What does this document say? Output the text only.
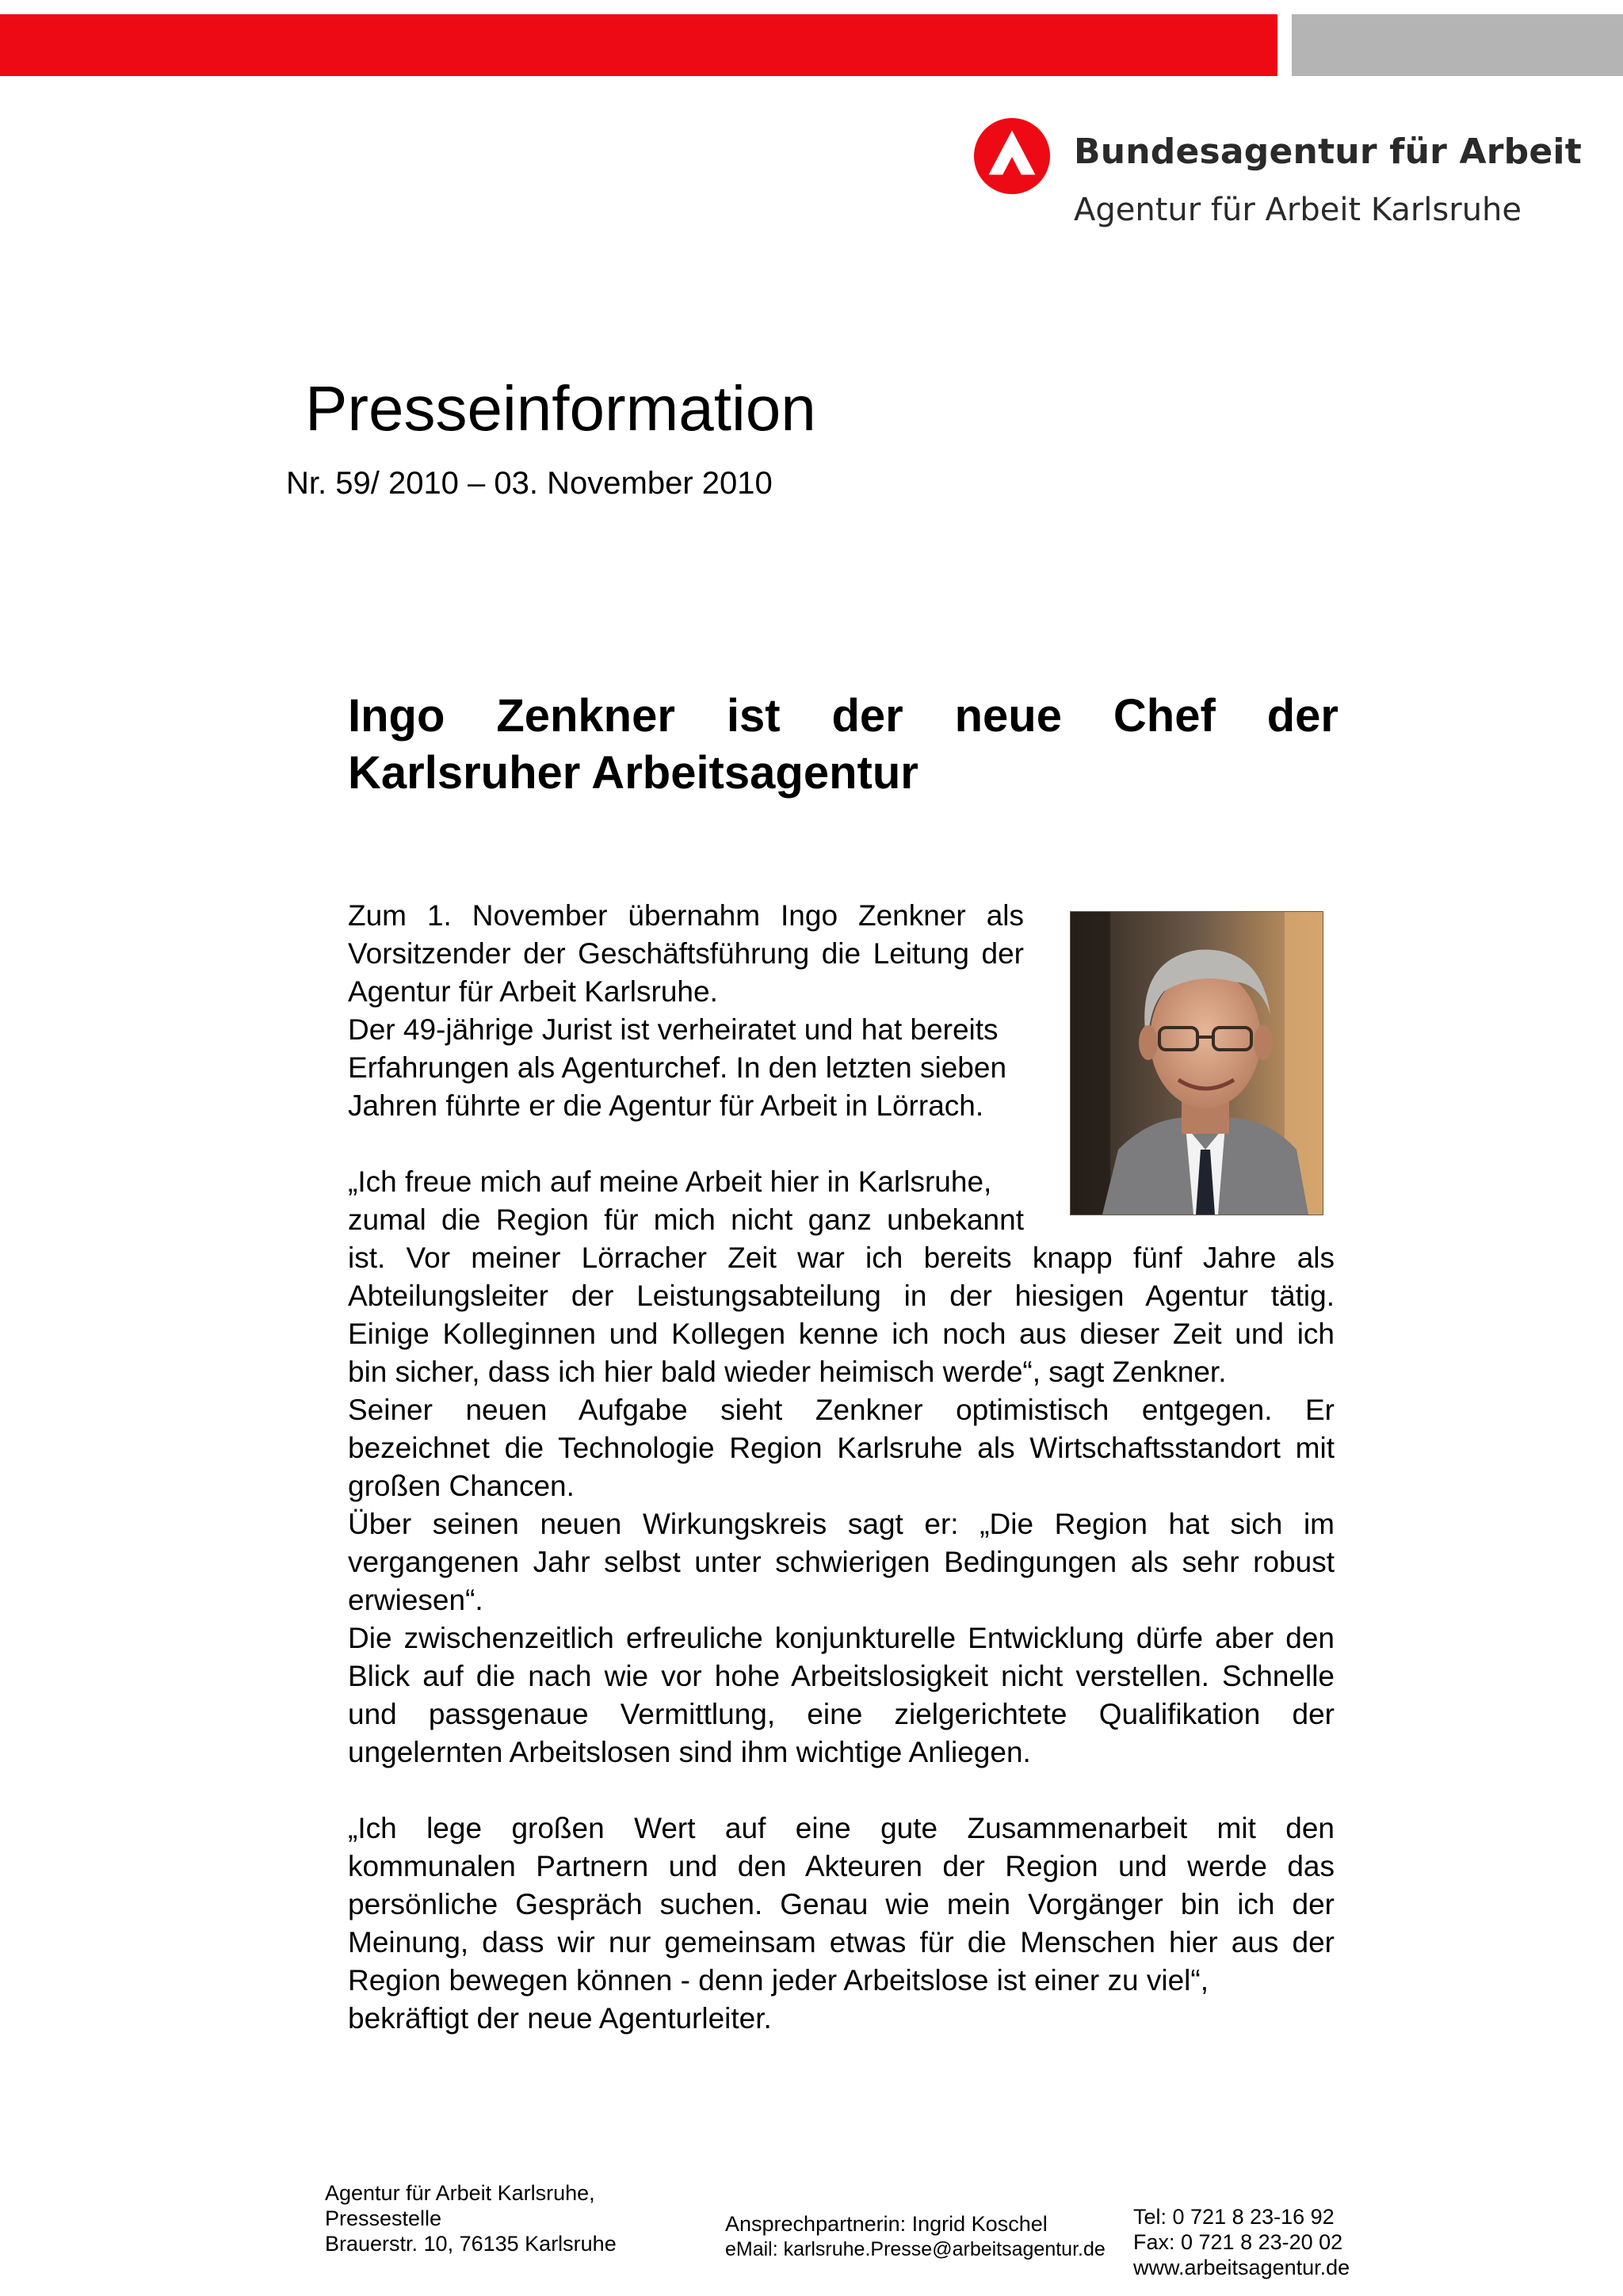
Bundesagentur für Arbeit
Agentur für Arbeit Karlsruhe
Presseinformation
Nr. 59/ 2010 – 03. November 2010
Ingo Zenkner ist der neue Chef der
Karlsruher Arbeitsagentur
Zum 1. November übernahm Ingo Zenkner als
Vorsitzender der Geschäftsführung die Leitung der
Agentur für Arbeit Karlsruhe.
Der 49-jährige Jurist ist verheiratet und hat bereits
Erfahrungen als Agenturchef. In den letzten sieben
Jahren führte er die Agentur für Arbeit in Lörrach.
„Ich freue mich auf meine Arbeit hier in Karlsruhe,
zumal die Region für mich nicht ganz unbekannt
ist. Vor meiner Lörracher Zeit war ich bereits knapp fünf Jahre als
Abteilungsleiter der Leistungsabteilung in der hiesigen Agentur tätig.
Einige Kolleginnen und Kollegen kenne ich noch aus dieser Zeit und ich
bin sicher, dass ich hier bald wieder heimisch werde“, sagt Zenkner.
Seiner neuen Aufgabe sieht Zenkner optimistisch entgegen. Er
bezeichnet die Technologie Region Karlsruhe als Wirtschaftsstandort mit
großen Chancen.
Über seinen neuen Wirkungskreis sagt er: „Die Region hat sich im
vergangenen Jahr selbst unter schwierigen Bedingungen als sehr robust
erwiesen“.
Die zwischenzeitlich erfreuliche konjunkturelle Entwicklung dürfe aber den
Blick auf die nach wie vor hohe Arbeitslosigkeit nicht verstellen. Schnelle
und passgenaue Vermittlung, eine zielgerichtete Qualifikation der
ungelernten Arbeitslosen sind ihm wichtige Anliegen.
„Ich lege großen Wert auf eine gute Zusammenarbeit mit den
kommunalen Partnern und den Akteuren der Region und werde das
persönliche Gespräch suchen. Genau wie mein Vorgänger bin ich der
Meinung, dass wir nur gemeinsam etwas für die Menschen hier aus der
Region bewegen können - denn jeder Arbeitslose ist einer zu viel“,
bekräftigt der neue Agenturleiter.
Agentur für Arbeit Karlsruhe,
Pressestelle
Brauerstr. 10, 76135 Karlsruhe
Ansprechpartnerin: Ingrid Koschel
eMail: karlsruhe.Presse@arbeitsagentur.de
Tel: 0 721 8 23-16 92
Fax: 0 721 8 23-20 02
www.arbeitsagentur.de
